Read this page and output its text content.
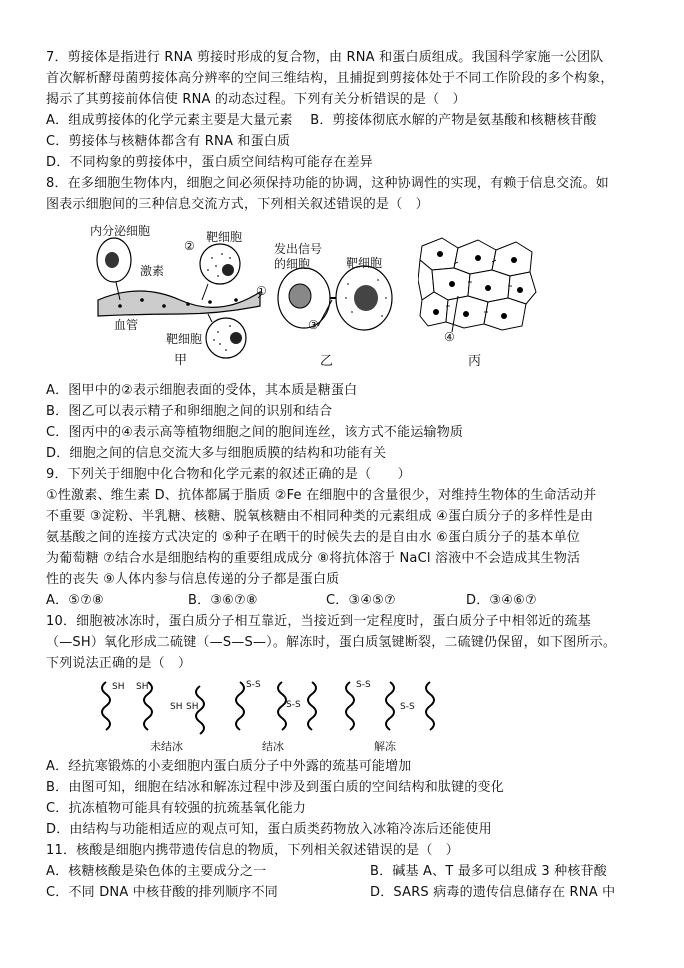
7．剪接体是指进行 RNA 剪接时形成的复合物，由 RNA 和蛋白质组成。我国科学家施一公团队
首次解析酵母菌剪接体高分辨率的空间三维结构，且捕捉到剪接体处于不同工作阶段的多个构象，
揭示了其剪接前体信使 RNA 的动态过程。下列有关分析错误的是（　）
A．组成剪接体的化学元素主要是大量元素　 B．剪接体彻底水解的产物是氨基酸和核糖核苷酸
C．剪接体与核糖体都含有 RNA 和蛋白质
D．不同构象的剪接体中，蛋白质空间结构可能存在差异
8．在多细胞生物体内，细胞之间必须保持功能的协调，这种协调性的实现，有赖于信息交流。如
图表示细胞间的三种信息交流方式，下列相关叙述错误的是（　）
内分泌细胞
②
靶细胞
激素
①
血管
靶细胞
甲
发出信号
的细胞	靶细胞
③
乙
④
丙
A．图甲中的②表示细胞表面的受体，其本质是糖蛋白
B．图乙可以表示精子和卵细胞之间的识别和结合
C．图丙中的④表示高等植物细胞之间的胞间连丝，该方式不能运输物质
D．细胞之间的信息交流大多与细胞质膜的结构和功能有关
9．下列关于细胞中化合物和化学元素的叙述正确的是（　　）
①性激素、维生素 D、抗体都属于脂质 ②Fe 在细胞中的含量很少，对维持生物体的生命活动并
不重要 ③淀粉、半乳糖、核糖、脱氧核糖由不相同种类的元素组成 ④蛋白质分子的多样性是由
氨基酸之间的连接方式决定的 ⑤种子在晒干的时候失去的是自由水 ⑥蛋白质分子的基本单位
为葡萄糖 ⑦结合水是细胞结构的重要组成成分 ⑧将抗体溶于 NaCl 溶液中不会造成其生物活
性的丧失 ⑨人体内参与信息传递的分子都是蛋白质
A．⑤⑦⑧	B．③⑥⑦⑧	C．③④⑤⑦	D．③④⑥⑦
10．细胞被冰冻时，蛋白质分子相互靠近，当接近到一定程度时，蛋白质分子中相邻近的巯基
（—SH）氧化形成二硫键（—S—S—）。解冻时，蛋白质氢键断裂，二硫键仍保留，如下图所示。
下列说法正确的是（　）
SH SH
SH SH
S-S
S-S
S-S
S-S
未结冰	结冰	解冻
A．经抗寒锻炼的小麦细胞内蛋白质分子中外露的巯基可能增加
B．由图可知，细胞在结冰和解冻过程中涉及到蛋白质的空间结构和肽键的变化
C．抗冻植物可能具有较强的抗巯基氧化能力
D．由结构与功能相适应的观点可知，蛋白质类药物放入冰箱冷冻后还能使用
11．核酸是细胞内携带遗传信息的物质，下列相关叙述错误的是（　）
A．核糖核酸是染色体的主要成分之一	B．碱基 A、T 最多可以组成 3 种核苷酸
C．不同 DNA 中核苷酸的排列顺序不同	D．SARS 病毒的遗传信息储存在 RNA 中
